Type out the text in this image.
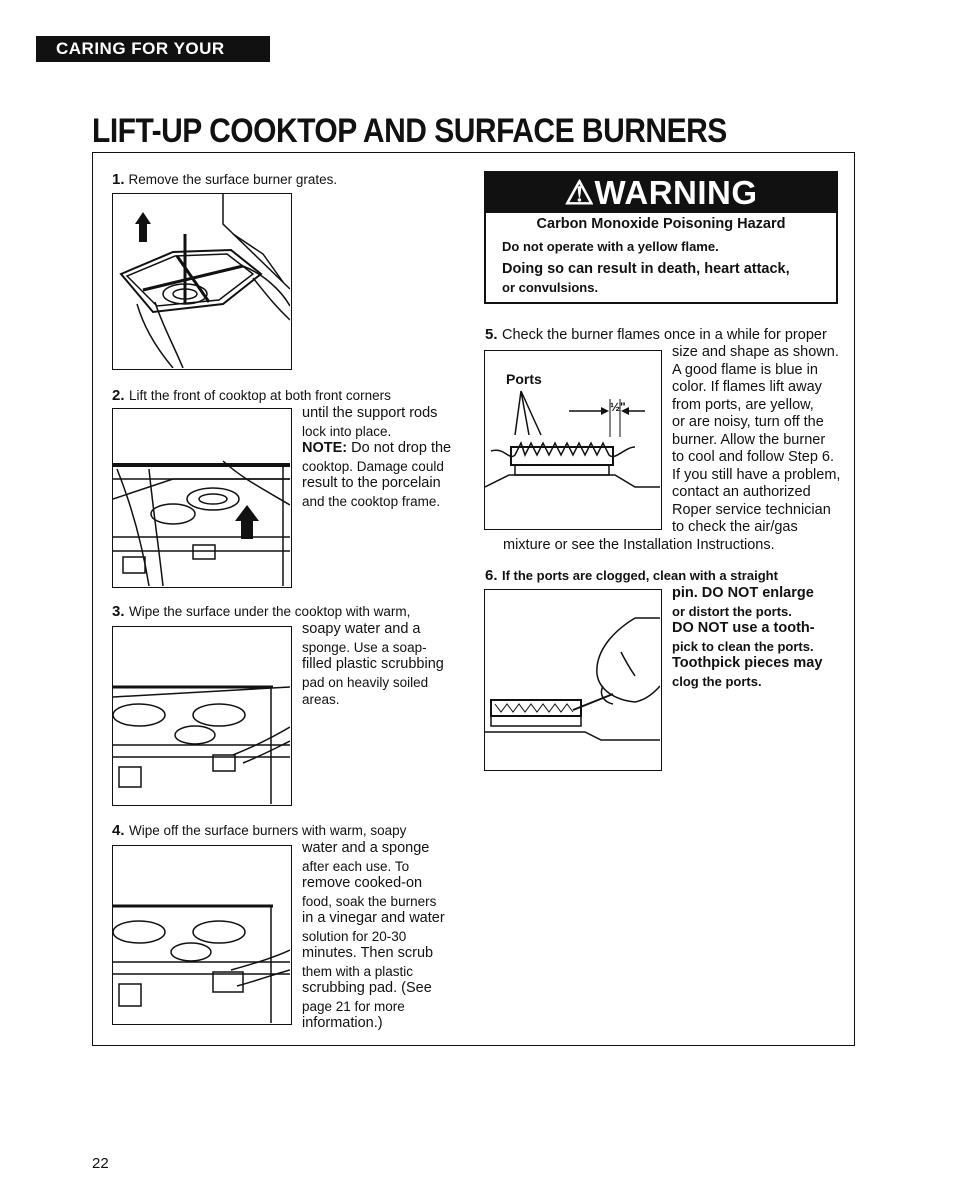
CARING FOR YOUR RANGE
LIFT-UP COOKTOP AND SURFACE BURNERS
1. Remove the surface burner grates.
2. Lift the front of cooktop at both front corners
until the support rods
lock into place.
NOTE: Do not drop the
cooktop. Damage could
result to the porcelain
and the cooktop frame.
3. Wipe the surface under the cooktop with warm,
soapy water and a
sponge. Use a soap-
filled plastic scrubbing
pad on heavily soiled
areas.
4. Wipe off the surface burners with warm, soapy
water and a sponge
after each use. To
remove cooked-on
food, soak the burners
in a vinegar and water
solution for 20-30
minutes. Then scrub
them with a plastic
scrubbing pad. (See
page 21 for more
information.)
⚠WARNING
Carbon Monoxide Poisoning Hazard
Do not operate with a yellow flame.
Doing so can result in death, heart attack,
or convulsions.
5. Check the burner flames once in a while for proper
Ports
½"
size and shape as shown.
A good flame is blue in
color. If flames lift away
from ports, are yellow,
or are noisy, turn off the
burner. Allow the burner
to cool and follow Step 6.
If you still have a problem,
contact an authorized
Roper service technician
to check the air/gas
mixture or see the Installation Instructions.
6. If the ports are clogged, clean with a straight
pin. DO NOT enlarge
or distort the ports.
DO NOT use a tooth-
pick to clean the ports.
Toothpick pieces may
clog the ports.
22
